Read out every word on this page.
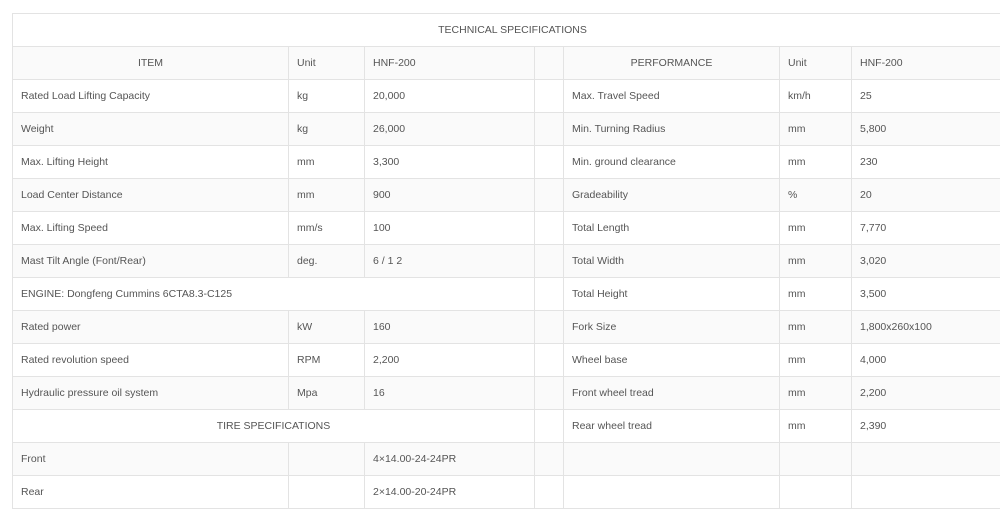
TECHNICAL SPECIFICATIONS						
ITEM	Unit	HNF-200		PERFORMANCE	Unit	HNF-200
Rated Load Lifting Capacity	kg	20,000		Max. Travel Speed	km/h	25
Weight	kg	26,000		Min. Turning Radius	mm	5,800
Max. Lifting Height	mm	3,300		Min. ground clearance	mm	230
Load Center Distance	mm	900		Gradeability	%	20
Max. Lifting Speed	mm/s	100		Total Length	mm	7,770
Mast Tilt Angle (Font/Rear)	deg.	6 / 1 2		Total Width	mm	3,020
ENGINE: Dongfeng Cummins 6CTA8.3-C125				Total Height	mm	3,500
Rated power	kW	160		Fork Size	mm	1,800x260x100
Rated revolution speed	RPM	2,200		Wheel base	mm	4,000
Hydraulic pressure oil system	Mpa	16		Front wheel tread	mm	2,200
TIRE SPECIFICATIONS				Rear wheel tread	mm	2,390
Front		4×14.00-24-24PR				
Rear		2×14.00-20-24PR				
